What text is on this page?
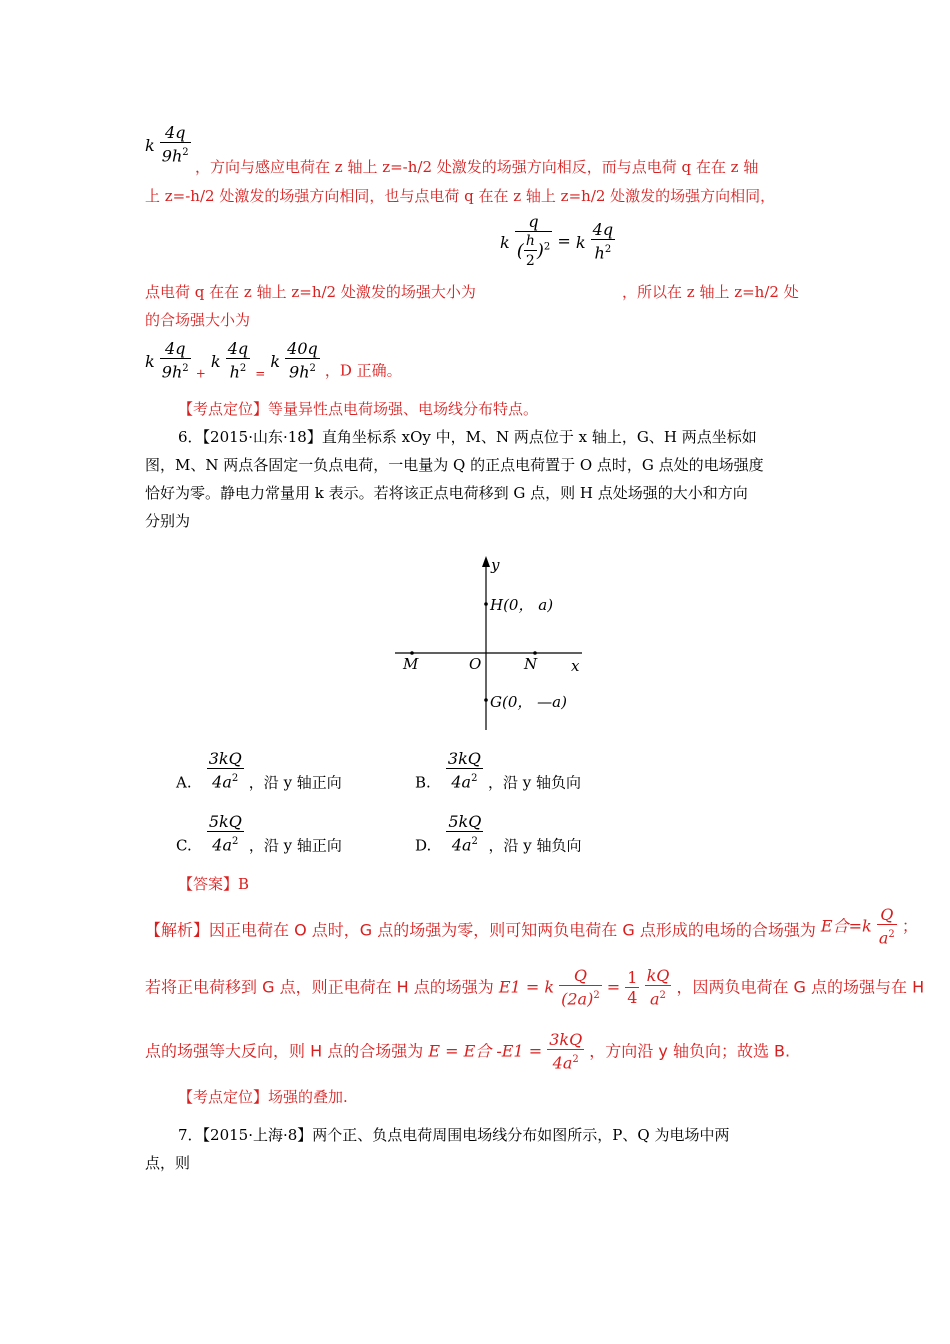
k $\frac{4q}{9h^2}$
，方向与感应电荷在 z 轴上 z=-h/2 处激发的场强方向相反，而与点电荷 q 在在 z 轴
上 z=-h/2 处激发的场强方向相同，也与点电荷 q 在在 z 轴上 z=h/2 处激发的场强方向相同，
k $\frac{q}{( \frac{h}{2} )^2} = k \frac{4q}{h^2}$
点电荷 q 在在 z 轴上 z=h/2 处激发的场强大小为	，所以在 z 轴上 z=h/2 处
的合场强大小为
k $\frac{4q}{9h^2} _+$ k $\frac{4q}{h^2} _=$ k $\frac{40q}{9h^2}$ ，D 正确。
【考点定位】等量异性点电荷场强、电场线分布特点。
6．【2015·山东·18】直角坐标系 xOy 中，M、N 两点位于 x 轴上，G、H 两点坐标如
图，M、N 两点各固定一负点电荷，一电量为 Q 的正点电荷置于 O 点时，G 点处的电场强度
恰好为零。静电力常量用 k 表示。若将该正点电荷移到 G 点，则 H 点处场强的大小和方向
分别为
y
x
H(0， a)
G(0， —a)
M	O	N
A. $\frac{3kQ}{4a^2}$ ，沿 y 轴正向	B. $\frac{3kQ}{4a^2}$ ，沿 y 轴负向
C. $\frac{5kQ}{4a^2}$ ，沿 y 轴正向	D. $\frac{5kQ}{4a^2}$ ，沿 y 轴负向
【答案】B
【解析】因正电荷在 O 点时，G 点的场强为零，则可知两负电荷在 G 点形成的电场的合场强为 E合$=k \frac{Q}{a^2}$ ；
若将正电荷移到 G 点，则正电荷在 H 点的场强为 E1 = k $\frac{Q}{(2a)^2} = \frac{1}{4}$
$\frac{kQ}{a^2}$ ，因两负电荷在 G 点的场强与在 H
点的场强等大反向，则 H 点的合场强为 E = E合 $-E1 = \frac{3kQ}{4a^2}$ ，方向沿 y 轴负向；故选 B.
【考点定位】场强的叠加.
7．【2015·上海·8】两个正、负点电荷周围电场线分布如图所示，P、Q 为电场中两
点，则
